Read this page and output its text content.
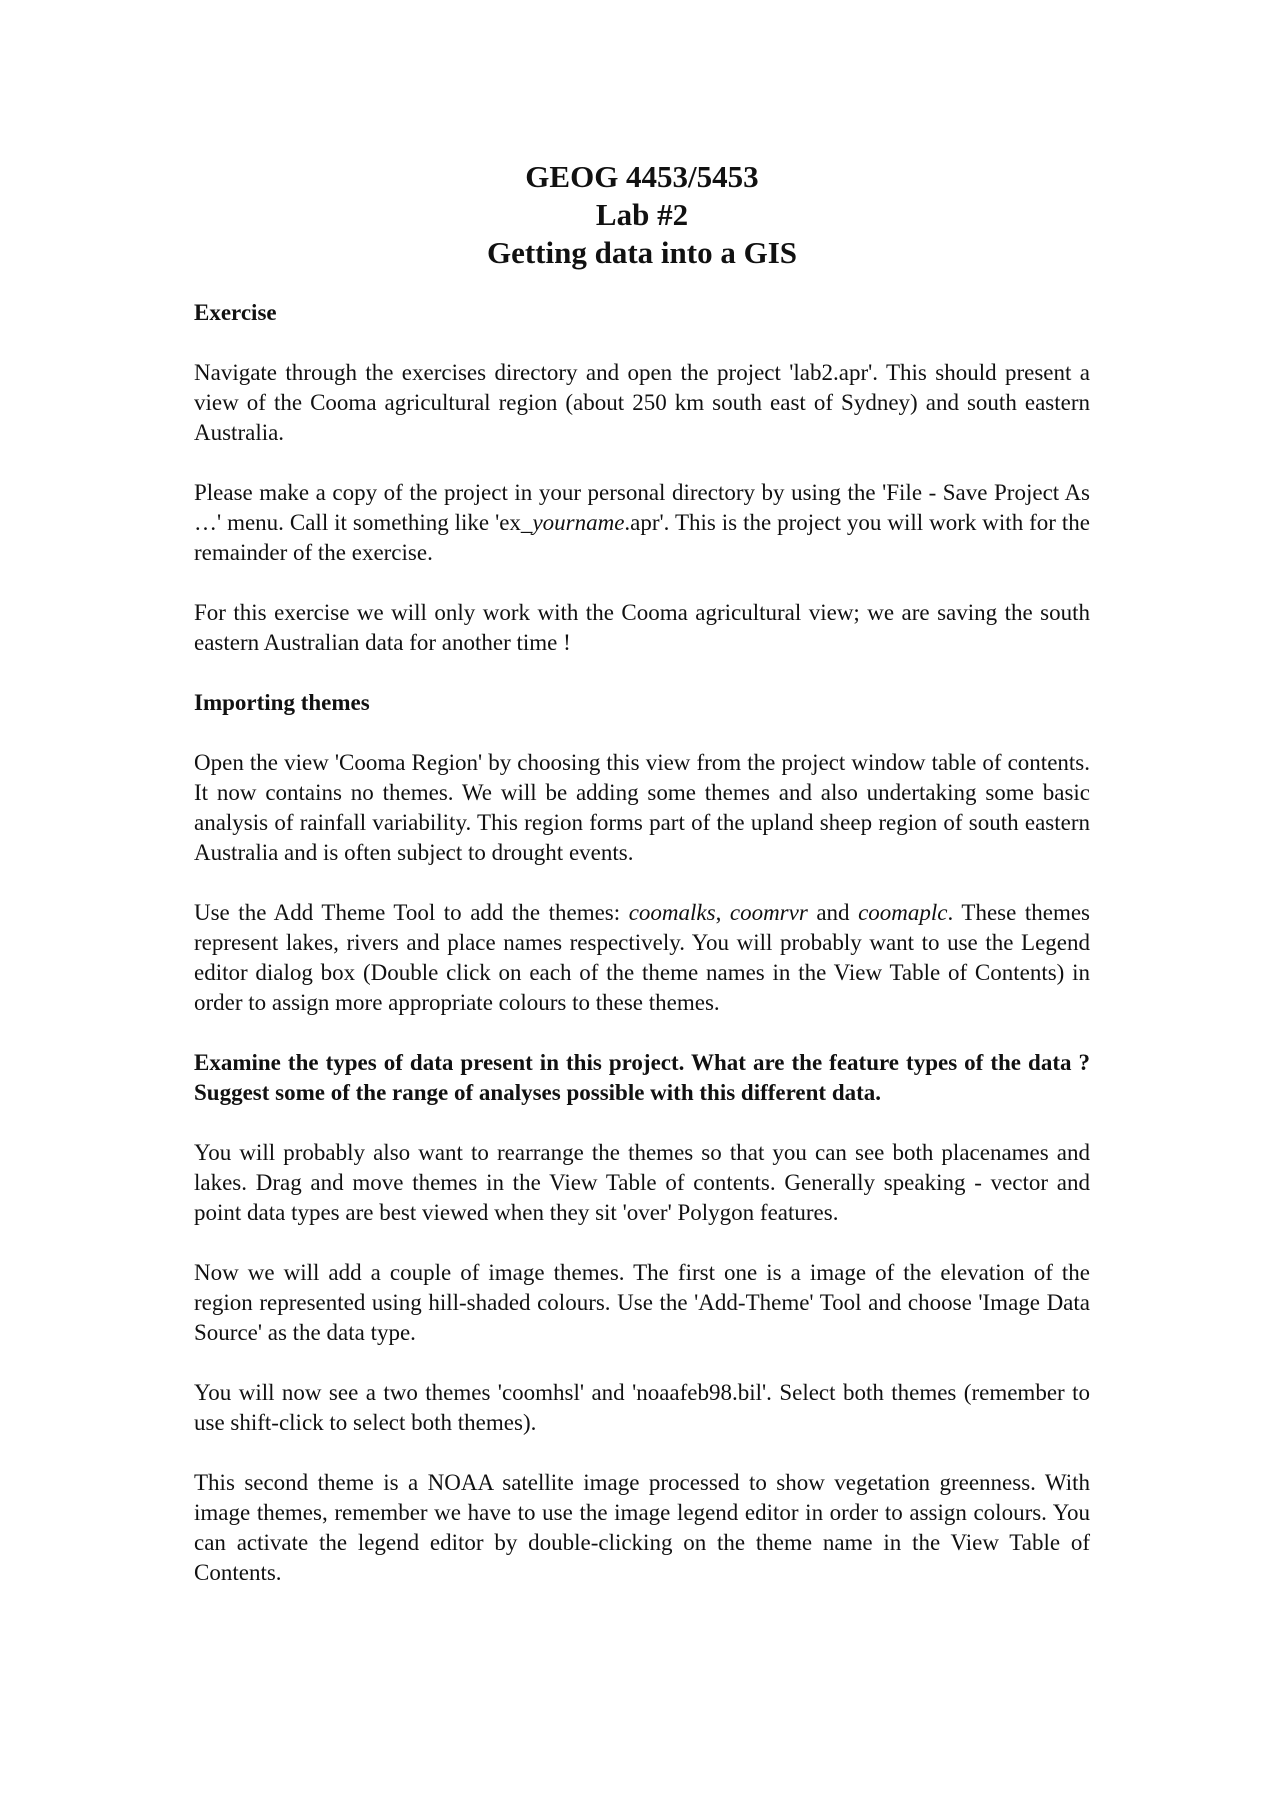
GEOG 4453/5453
Lab #2
Getting data into a GIS

Exercise

Navigate through the exercises directory and open the project 'lab2.apr'. This should present a view of the Cooma agricultural region (about 250 km south east of Sydney) and south eastern Australia.

Please make a copy of the project in your personal directory by using the 'File - Save Project As …' menu. Call it something like 'ex_yourname.apr'. This is the project you will work with for the remainder of the exercise.

For this exercise we will only work with the Cooma agricultural view; we are saving the south eastern Australian data for another time !

Importing themes

Open the view 'Cooma Region' by choosing this view from the project window table of contents. It now contains no themes. We will be adding some themes and also undertaking some basic analysis of rainfall variability. This region forms part of the upland sheep region of south eastern Australia and is often subject to drought events.

Use the Add Theme Tool to add the themes: coomalks, coomrvr and coomaplc. These themes represent lakes, rivers and place names respectively. You will probably want to use the Legend editor dialog box (Double click on each of the theme names in the View Table of Contents) in order to assign more appropriate colours to these themes.

Examine the types of data present in this project. What are the feature types of the data ? Suggest some of the range of analyses possible with this different data.

You will probably also want to rearrange the themes so that you can see both placenames and lakes. Drag and move themes in the View Table of contents. Generally speaking - vector and point data types are best viewed when they sit 'over' Polygon features.

Now we will add a couple of image themes. The first one is a image of the elevation of the region represented using hill-shaded colours. Use the 'Add-Theme' Tool and choose 'Image Data Source' as the data type.

You will now see a two themes 'coomhsl' and 'noaafeb98.bil'. Select both themes (remember to use shift-click to select both themes).

This second theme is a NOAA satellite image processed to show vegetation greenness. With image themes, remember we have to use the image legend editor in order to assign colours. You can activate the legend editor by double-clicking on the theme name in the View Table of Contents.
